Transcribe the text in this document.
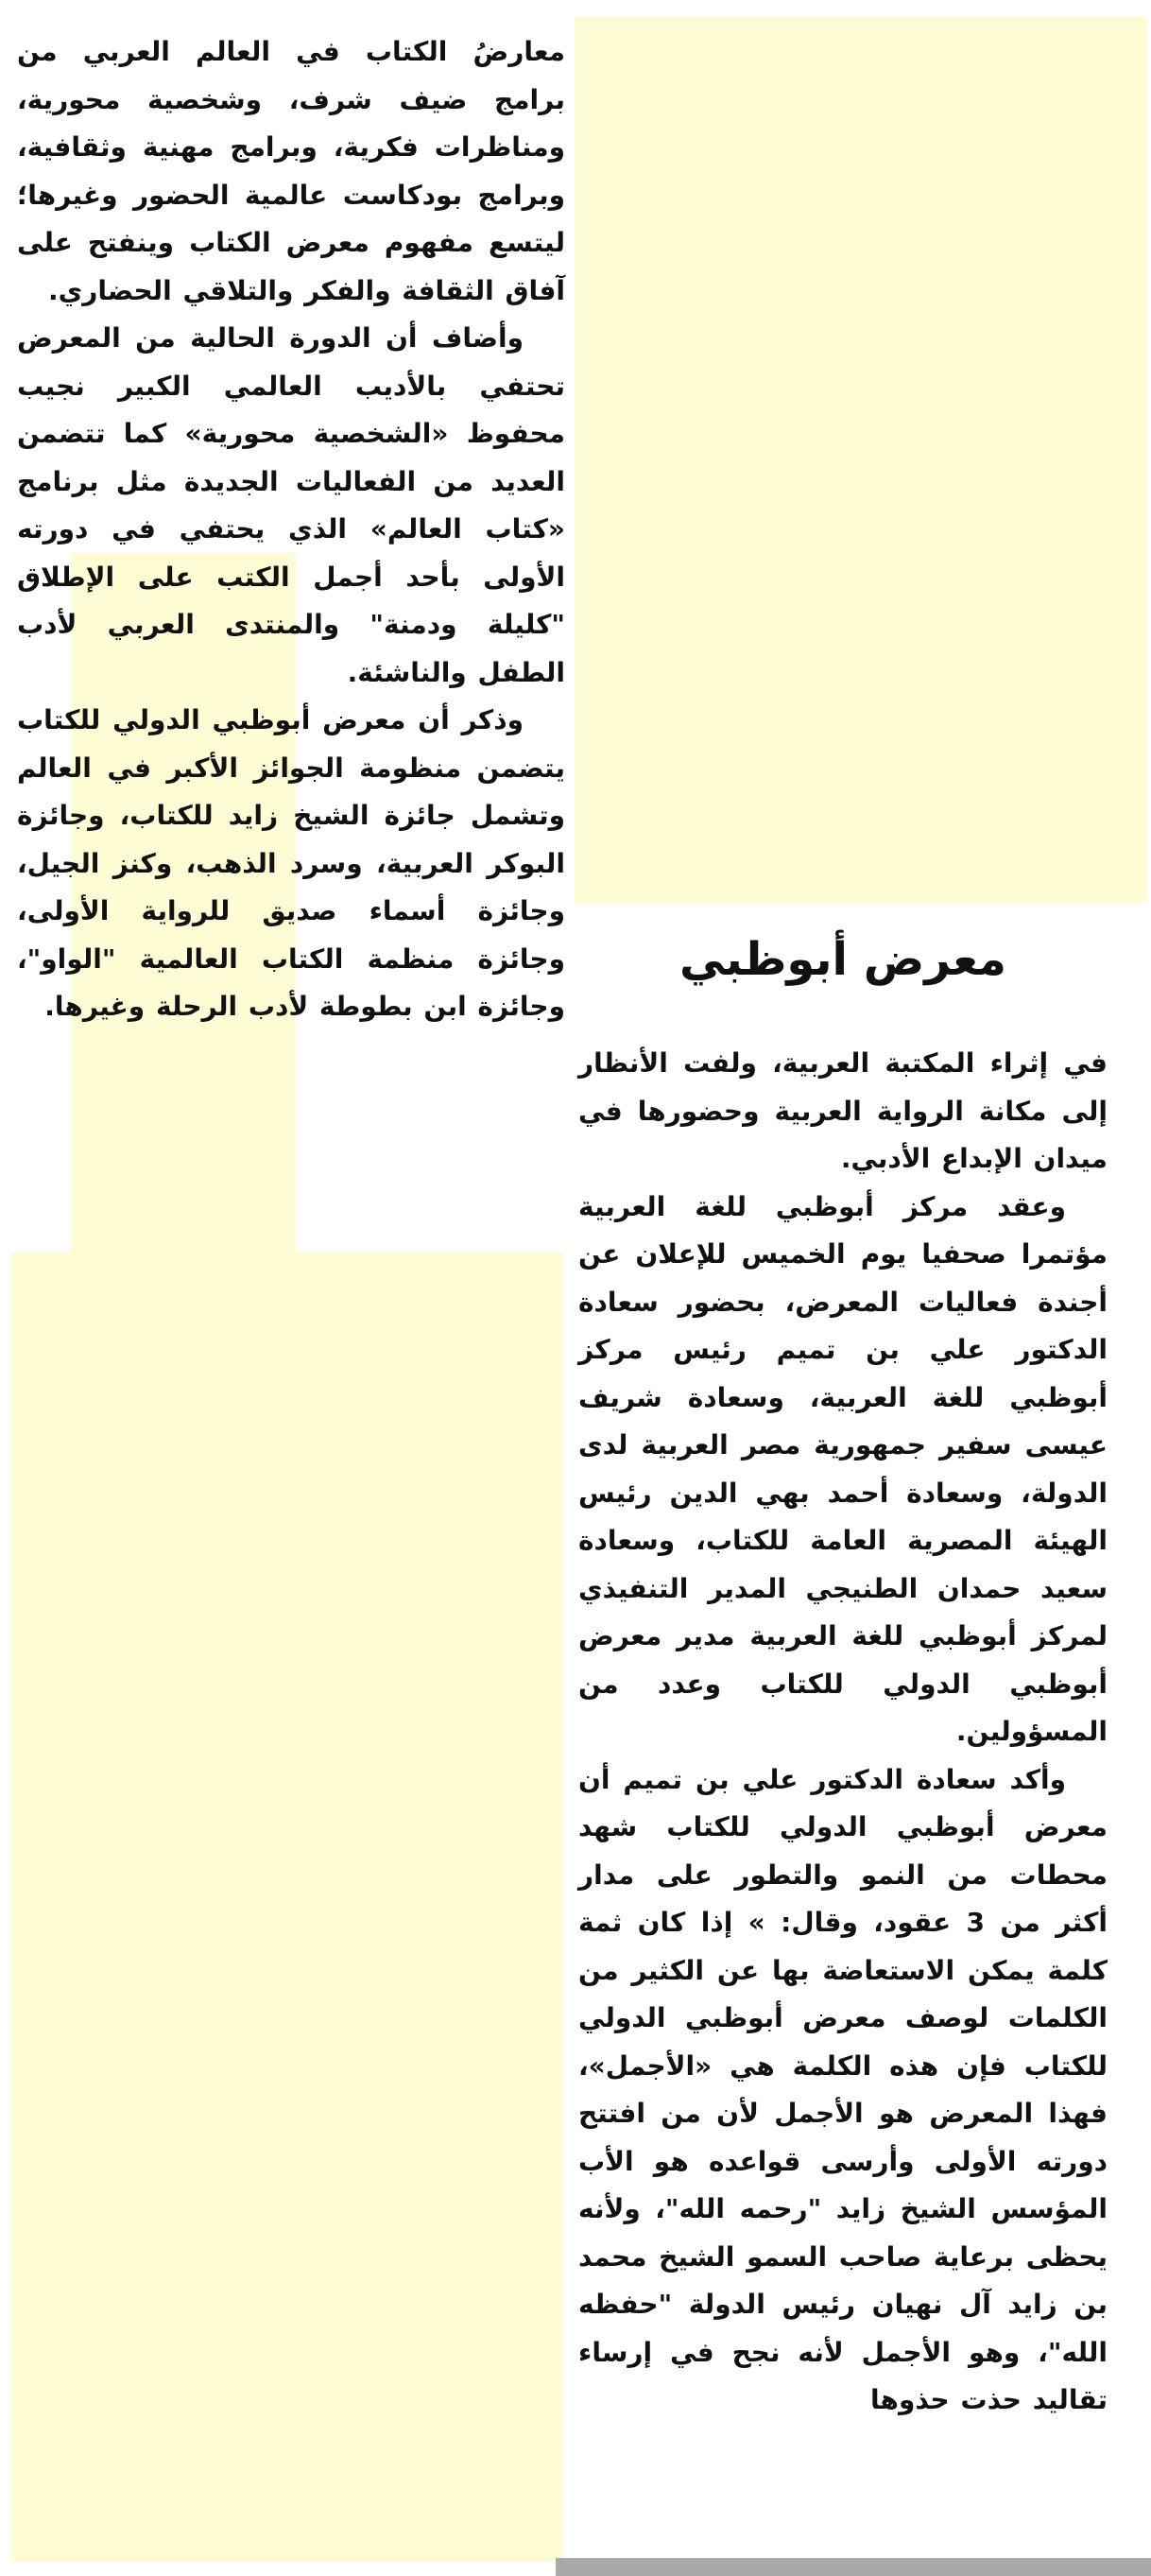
معارضُ الكتاب في العالم العربي من برامج ضيف شرف، وشخصية محورية، ومناظرات فكرية، وبرامج مهنية وثقافية، وبرامج بودكاست عالمية الحضور وغيرها؛ ليتسع مفهوم معرض الكتاب وينفتح على آفاق الثقافة والفكر والتلاقي الحضاري.

وأضاف أن الدورة الحالية من المعرض تحتفي بالأديب العالمي الكبير نجيب محفوظ «الشخصية محورية» كما تتضمن العديد من الفعاليات الجديدة مثل برنامج «كتاب العالم» الذي يحتفي في دورته الأولى بأحد أجمل الكتب على الإطلاق "كليلة ودمنة" والمنتدى العربي لأدب الطفل والناشئة.

وذكر أن معرض أبوظبي الدولي للكتاب يتضمن منظومة الجوائز الأكبر في العالم وتشمل جائزة الشيخ زايد للكتاب، وجائزة البوكر العربية، وسرد الذهب، وكنز الجيل، وجائزة أسماء صديق للرواية الأولى، وجائزة منظمة الكتاب العالمية "الواو"، وجائزة ابن بطوطة لأدب الرحلة وغيرها.

معرض أبوظبي

في إثراء المكتبة العربية، ولفت الأنظار إلى مكانة الرواية العربية وحضورها في ميدان الإبداع الأدبي.

وعقد مركز أبوظبي للغة العربية مؤتمرا صحفيا يوم الخميس للإعلان عن أجندة فعاليات المعرض، بحضور سعادة الدكتور علي بن تميم رئيس مركز أبوظبي للغة العربية، وسعادة شريف عيسى سفير جمهورية مصر العربية لدى الدولة، وسعادة أحمد بهي الدين رئيس الهيئة المصرية العامة للكتاب، وسعادة سعيد حمدان الطنيجي المدير التنفيذي لمركز أبوظبي للغة العربية مدير معرض أبوظبي الدولي للكتاب وعدد من المسؤولين.

وأكد سعادة الدكتور علي بن تميم أن معرض أبوظبي الدولي للكتاب شهد محطات من النمو والتطور على مدار أكثر من 3 عقود، وقال: » إذا كان ثمة كلمة يمكن الاستعاضة بها عن الكثير من الكلمات لوصف معرض أبوظبي الدولي للكتاب فإن هذه الكلمة هي «الأجمل»، فهذا المعرض هو الأجمل لأن من افتتح دورته الأولى وأرسى قواعده هو الأب المؤسس الشيخ زايد "رحمه الله"، ولأنه يحظى برعاية صاحب السمو الشيخ محمد بن زايد آل نهيان رئيس الدولة "حفظه الله"، وهو الأجمل لأنه نجح في إرساء تقاليد حذت حذوها
